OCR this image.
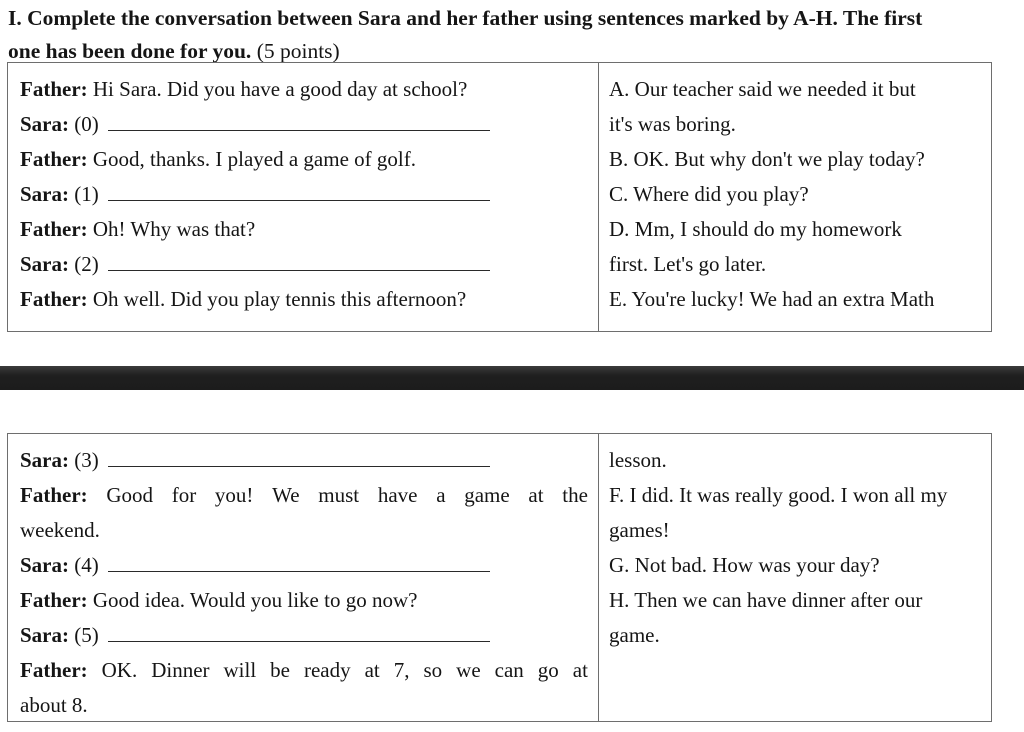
I. Complete the conversation between Sara and her father using sentences marked by A-H. The first
one has been done for you. (5 points)
Father: Hi Sara. Did you have a good day at school?
Sara: (0)
Father: Good, thanks. I played a game of golf.
Sara: (1)
Father: Oh! Why was that?
Sara: (2)
Father: Oh well. Did you play tennis this afternoon?
A. Our teacher said we needed it but
it's was boring.
B. OK. But why don't we play today?
C. Where did you play?
D. Mm, I should do my homework
first. Let's go later.
E. You're lucky! We had an extra Math
Sara: (3)
Father: Good for you! We must have a game at the
weekend.
Sara: (4)
Father: Good idea. Would you like to go now?
Sara: (5)
Father: OK. Dinner will be ready at 7, so we can go at
about 8.
lesson.
F. I did. It was really good. I won all my
games!
G. Not bad. How was your day?
H. Then we can have dinner after our
game.
